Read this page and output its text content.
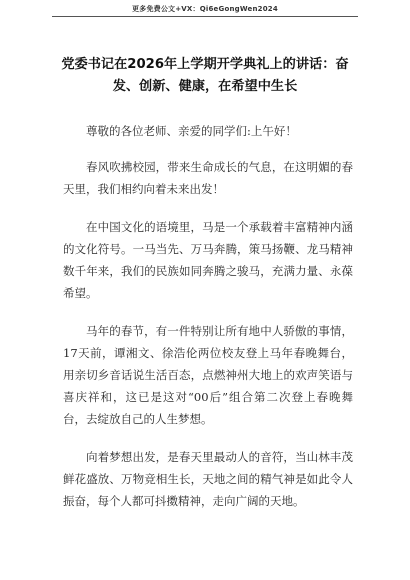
更多免费公文+VX：Qi6eGongWen2024
党委书记在2026年上学期开学典礼上的讲话：奋发、创新、健康，在希望中生长

尊敬的各位老师、亲爱的同学们:上午好！

春风吹拂校园，带来生命成长的气息，在这明媚的春天里，我们相约向着未来出发！

在中国文化的语境里，马是一个承载着丰富精神内涵的文化符号。一马当先、万马奔腾，策马扬鞭、龙马精神数千年来，我们的民族如同奔腾之骏马，充满力量、永葆希望。

马年的春节，有一件特别让所有地中人骄傲的事情，17天前，谭湘文、徐浩伦两位校友登上马年春晚舞台，用亲切乡音话说生活百态，点燃神州大地上的欢声笑语与喜庆祥和，这已是这对“00后”组合第二次登上春晚舞台，去绽放自己的人生梦想。

向着梦想出发，是春天里最动人的音符，当山林丰茂鲜花盛放、万物竞相生长，天地之间的精气神是如此令人振奋，每个人都可抖擞精神，走向广阔的天地。
